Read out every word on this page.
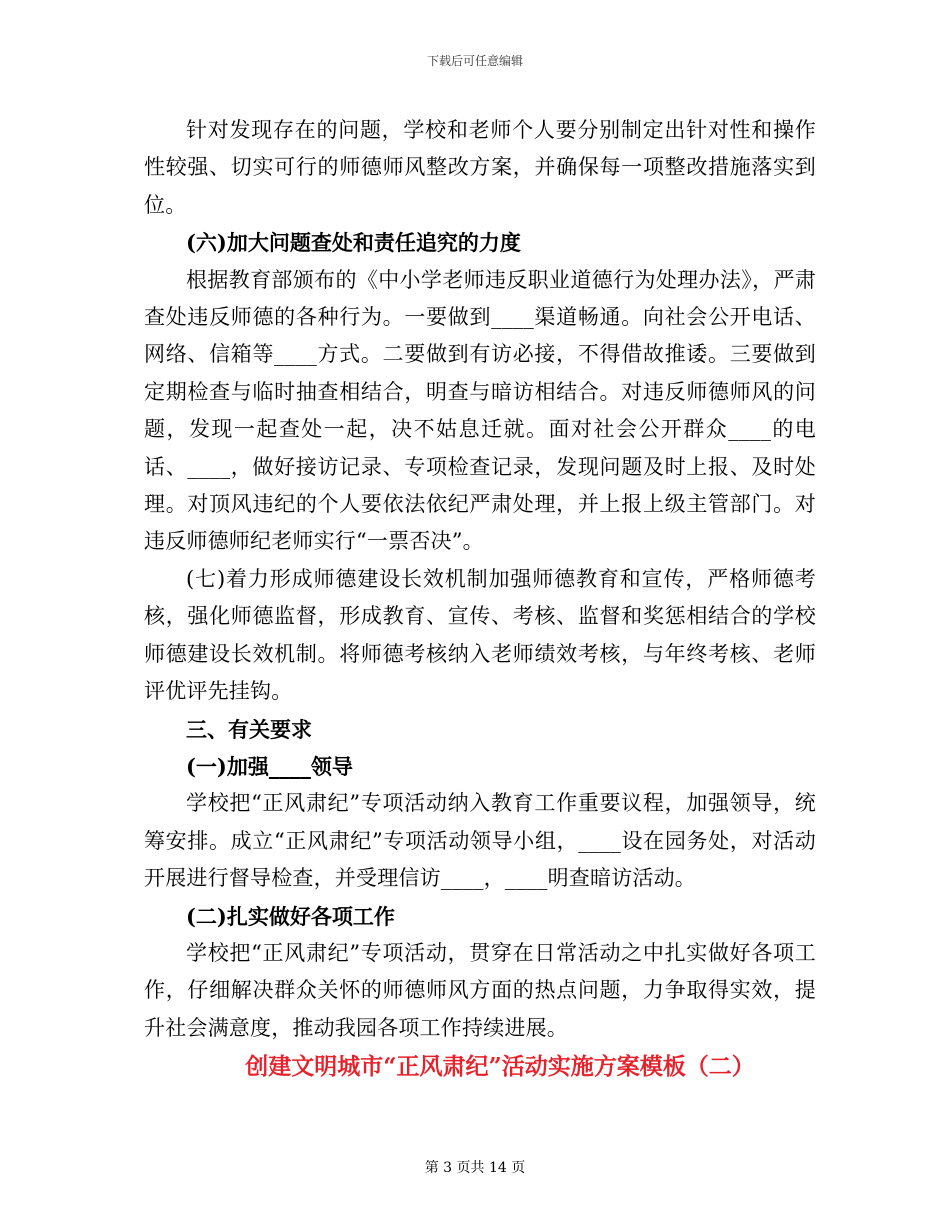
下载后可任意编辑

针对发现存在的问题，学校和老师个人要分别制定出针对性和操作性较强、切实可行的师德师风整改方案，并确保每一项整改措施落实到位。

(六)加大问题查处和责任追究的力度

根据教育部颁布的《中小学老师违反职业道德行为处理办法》，严肃查处违反师德的各种行为。一要做到____渠道畅通。向社会公开电话、网络、信箱等____方式。二要做到有访必接，不得借故推诿。三要做到定期检查与临时抽查相结合，明查与暗访相结合。对违反师德师风的问题，发现一起查处一起，决不姑息迁就。面对社会公开群众____的电话、____，做好接访记录、专项检查记录，发现问题及时上报、及时处理。对顶风违纪的个人要依法依纪严肃处理，并上报上级主管部门。对违反师德师纪老师实行“一票否决”。

(七)着力形成师德建设长效机制加强师德教育和宣传，严格师德考核，强化师德监督，形成教育、宣传、考核、监督和奖惩相结合的学校师德建设长效机制。将师德考核纳入老师绩效考核，与年终考核、老师评优评先挂钩。

三、有关要求

(一)加强____领导

学校把“正风肃纪”专项活动纳入教育工作重要议程，加强领导，统筹安排。成立“正风肃纪”专项活动领导小组，____设在园务处，对活动开展进行督导检查，并受理信访____，____明查暗访活动。

(二)扎实做好各项工作

学校把“正风肃纪”专项活动，贯穿在日常活动之中扎实做好各项工作，仔细解决群众关怀的师德师风方面的热点问题，力争取得实效，提升社会满意度，推动我园各项工作持续进展。

创建文明城市“正风肃纪”活动实施方案模板（二）

第 3 页共 14 页
